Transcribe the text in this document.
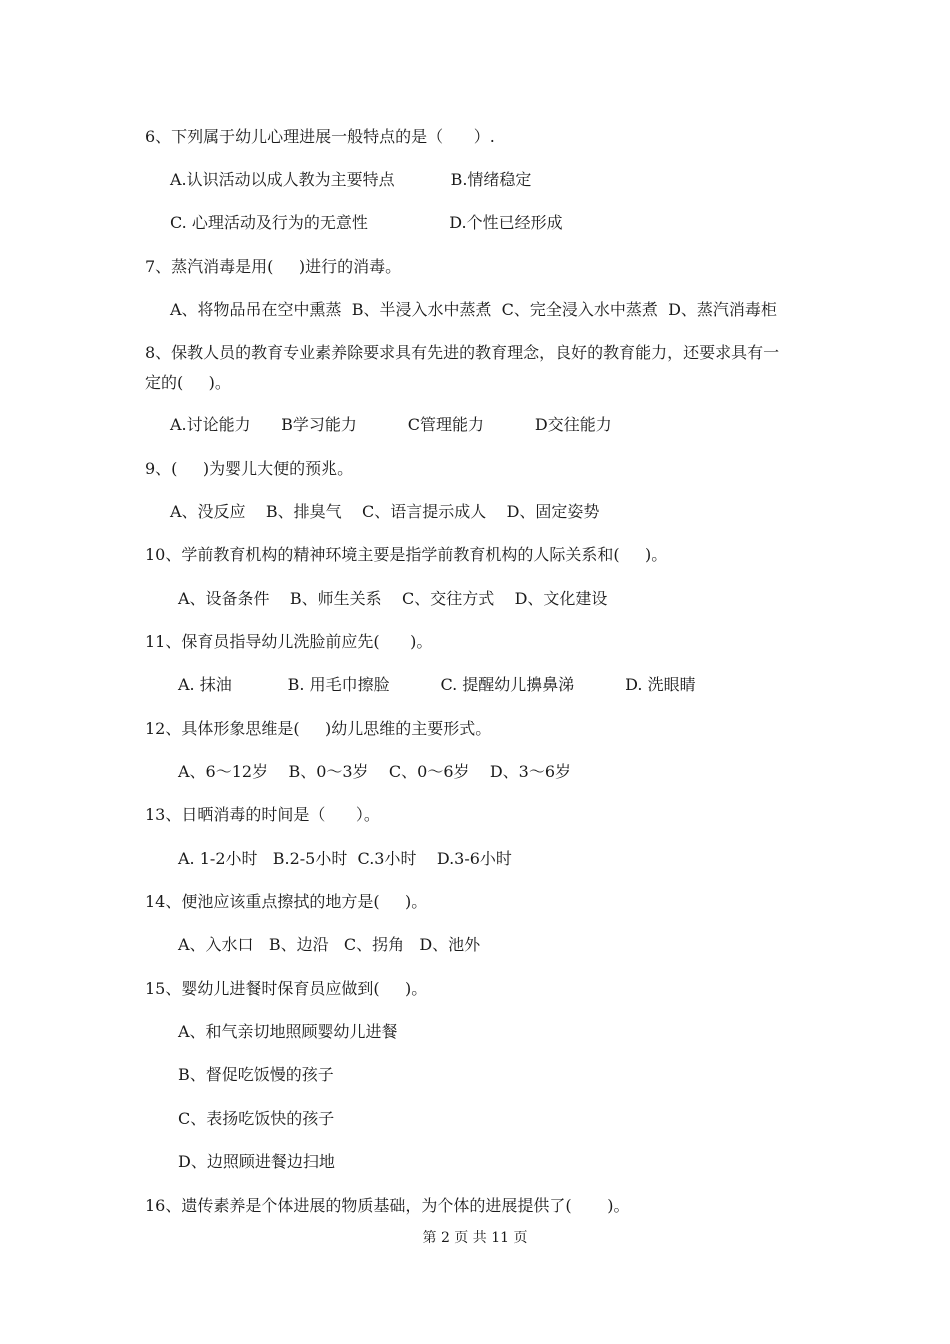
6、下列属于幼儿心理进展一般特点的是（      ）.
A.认识活动以成人教为主要特点           B.情绪稳定
C. 心理活动及行为的无意性                D.个性已经形成
7、蒸汽消毒是用(     )进行的消毒。
A、将物品吊在空中熏蒸  B、半浸入水中蒸煮  C、完全浸入水中蒸煮  D、蒸汽消毒柜
8、保教人员的教育专业素养除要求具有先进的教育理念，良好的教育能力，还要求具有一
定的(     )。
A.讨论能力      B学习能力          C管理能力          D交往能力
9、(     )为婴儿大便的预兆。
A、没反应    B、排臭气    C、语言提示成人    D、固定姿势
10、学前教育机构的精神环境主要是指学前教育机构的人际关系和(     )。
A、设备条件    B、师生关系    C、交往方式    D、文化建设
11、保育员指导幼儿洗脸前应先(      )。
A. 抹油           B. 用毛巾擦脸          C. 提醒幼儿擤鼻涕          D. 洗眼睛
12、具体形象思维是(     )幼儿思维的主要形式。
A、6～12岁    B、0～3岁    C、0～6岁    D、3～6岁
13、日晒消毒的时间是（      ）。
A. 1-2小时   B.2-5小时  C.3小时    D.3-6小时
14、便池应该重点擦拭的地方是(     )。
A、入水口   B、边沿   C、拐角   D、池外
15、婴幼儿进餐时保育员应做到(     )。
A、和气亲切地照顾婴幼儿进餐
B、督促吃饭慢的孩子
C、表扬吃饭快的孩子
D、边照顾进餐边扫地
16、遗传素养是个体进展的物质基础，为个体的进展提供了(       )。
第 2 页 共 11 页
